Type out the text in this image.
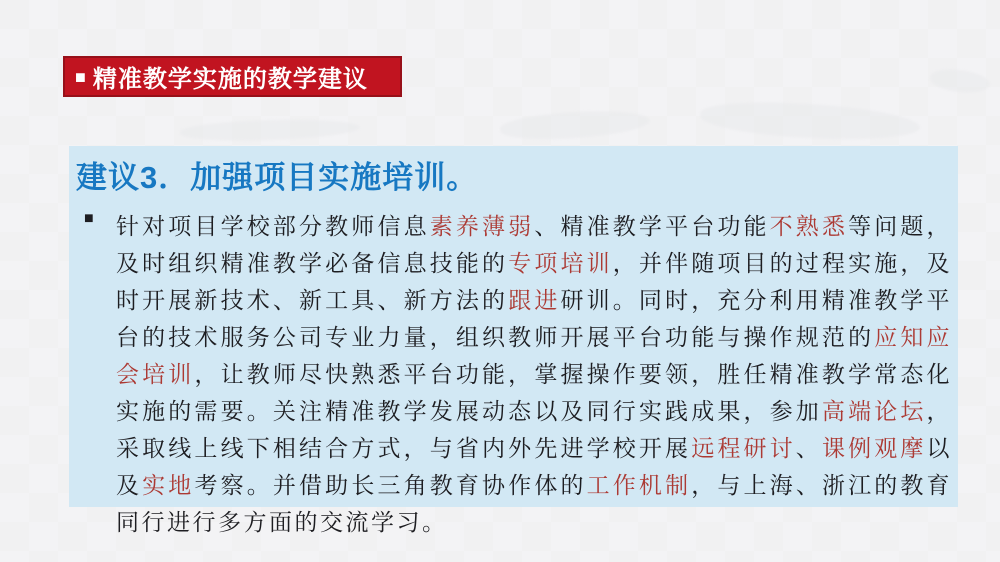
■ 精准教学实施的教学建议
建议3．加强项目实施培训。
■ 针对项目学校部分教师信息素养薄弱、精准教学平台功能不熟悉等问题，及时组织精准教学必备信息技能的专项培训，并伴随项目的过程实施，及时开展新技术、新工具、新方法的跟进研训。同时，充分利用精准教学平台的技术服务公司专业力量，组织教师开展平台功能与操作规范的应知应会培训，让教师尽快熟悉平台功能，掌握操作要领，胜任精准教学常态化实施的需要。关注精准教学发展动态以及同行实践成果，参加高端论坛，采取线上线下相结合方式，与省内外先进学校开展远程研讨、课例观摩以及实地考察。并借助长三角教育协作体的工作机制，与上海、浙江的教育同行进行多方面的交流学习。
